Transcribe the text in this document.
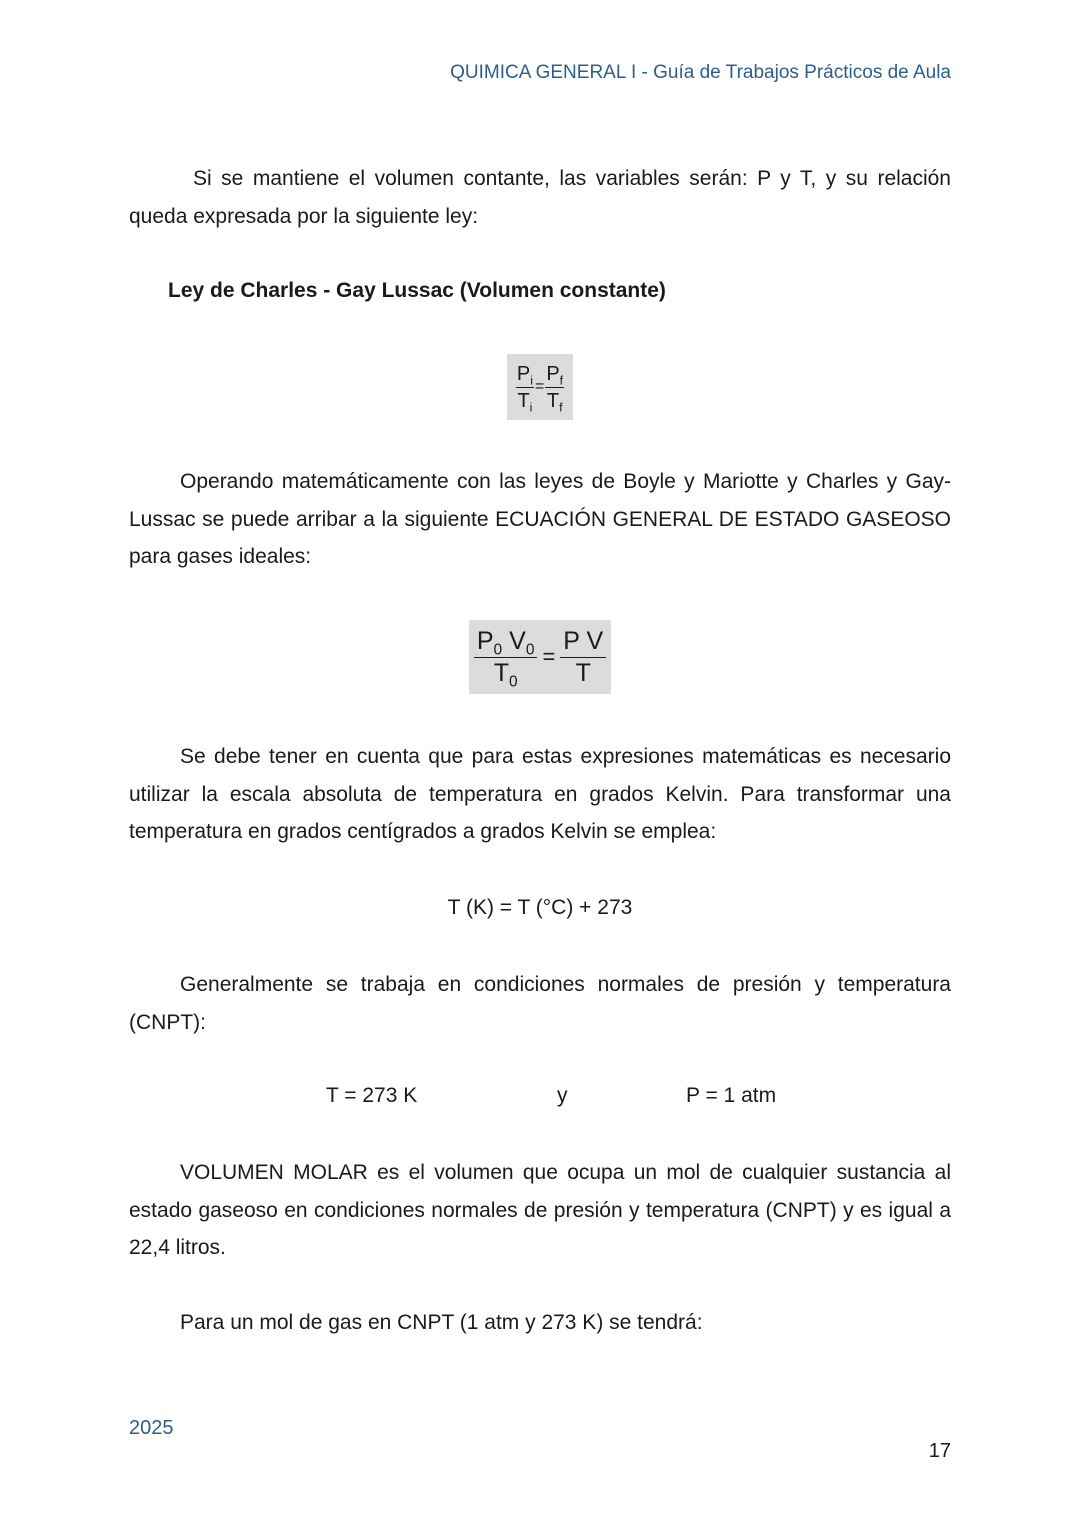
QUIMICA GENERAL I - Guía de Trabajos Prácticos de Aula

Si se mantiene el volumen contante, las variables serán: P y T, y su relación queda expresada por la siguiente ley:

Ley de Charles - Gay Lussac (Volumen constante)
$\frac{P_i}{T_i} = \frac{P_f}{T_f}$

Operando matemáticamente con las leyes de Boyle y Mariotte y Charles y Gay-Lussac se puede arribar a la siguiente ECUACIÓN GENERAL DE ESTADO GASEOSO para gases ideales:

$\frac{P_0 V_0}{T_0} = \frac{\text{P V}}{T}$

Se debe tener en cuenta que para estas expresiones matemáticas es necesario utilizar la escala absoluta de temperatura en grados Kelvin. Para transformar una temperatura en grados centígrados a grados Kelvin se emplea:

T (K) = T (°C) + 273

Generalmente se trabaja en condiciones normales de presión y temperatura (CNPT):

T = 273 K	y	P = 1 atm

VOLUMEN MOLAR es el volumen que ocupa un mol de cualquier sustancia al estado gaseoso en condiciones normales de presión y temperatura (CNPT) y es igual a 22,4 litros.

Para un mol de gas en CNPT (1 atm y 273 K) se tendrá:

2025
17
